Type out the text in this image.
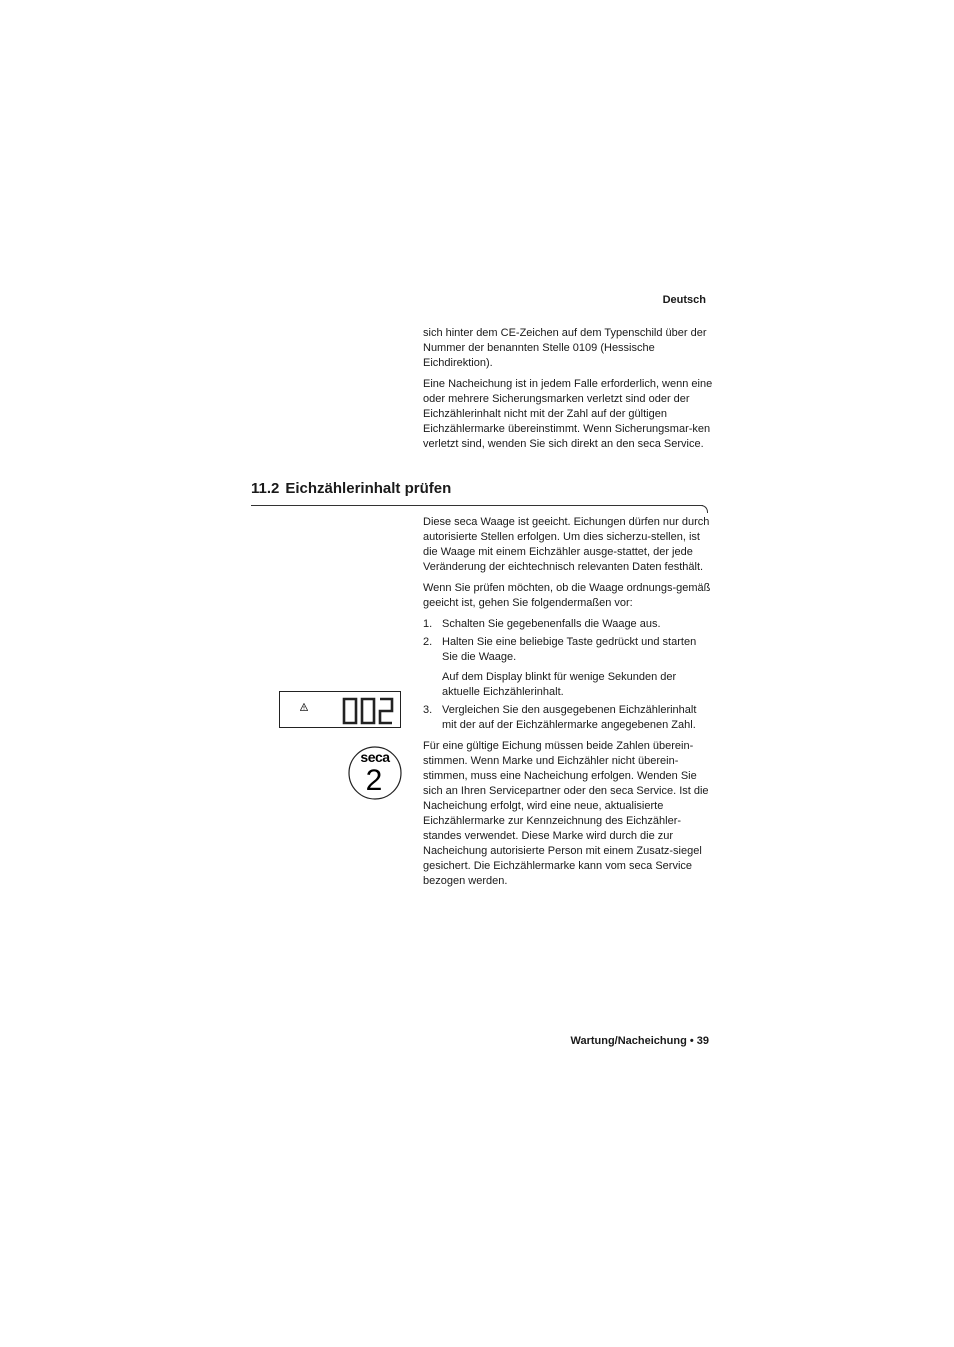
Deutsch

sich hinter dem CE-Zeichen auf dem Typenschild über der Nummer der benannten Stelle 0109 (Hessische Eichdirektion).

Eine Nacheichung ist in jedem Falle erforderlich, wenn eine oder mehrere Sicherungsmarken verletzt sind oder der Eichzählerinhalt nicht mit der Zahl auf der gültigen Eichzählermarke übereinstimmt. Wenn Sicherungsmar-ken verletzt sind, wenden Sie sich direkt an den seca Service.

11.2 Eichzählerinhalt prüfen

Diese seca Waage ist geeicht. Eichungen dürfen nur durch autorisierte Stellen erfolgen. Um dies sicherzu-stellen, ist die Waage mit einem Eichzähler ausge-stattet, der jede Veränderung der eichtechnisch relevanten Daten festhält.

Wenn Sie prüfen möchten, ob die Waage ordnungs-gemäß geeicht ist, gehen Sie folgendermaßen vor:

1. Schalten Sie gegebenenfalls die Waage aus.
2. Halten Sie eine beliebige Taste gedrückt und starten Sie die Waage.
Auf dem Display blinkt für wenige Sekunden der aktuelle Eichzählerinhalt.
3. Vergleichen Sie den ausgegebenen Eichzählerinhalt mit der auf der Eichzählermarke angegebenen Zahl.

Für eine gültige Eichung müssen beide Zahlen überein-stimmen. Wenn Marke und Eichzähler nicht überein-stimmen, muss eine Nacheichung erfolgen. Wenden Sie sich an Ihren Servicepartner oder den seca Service. Ist die Nacheichung erfolgt, wird eine neue, aktualisierte Eichzählermarke zur Kennzeichnung des Eichzähler-standes verwendet. Diese Marke wird durch die zur Nacheichung autorisierte Person mit einem Zusatz-siegel gesichert. Die Eichzählermarke kann vom seca Service bezogen werden.

seca
2
Wartung/Nacheichung • 39
